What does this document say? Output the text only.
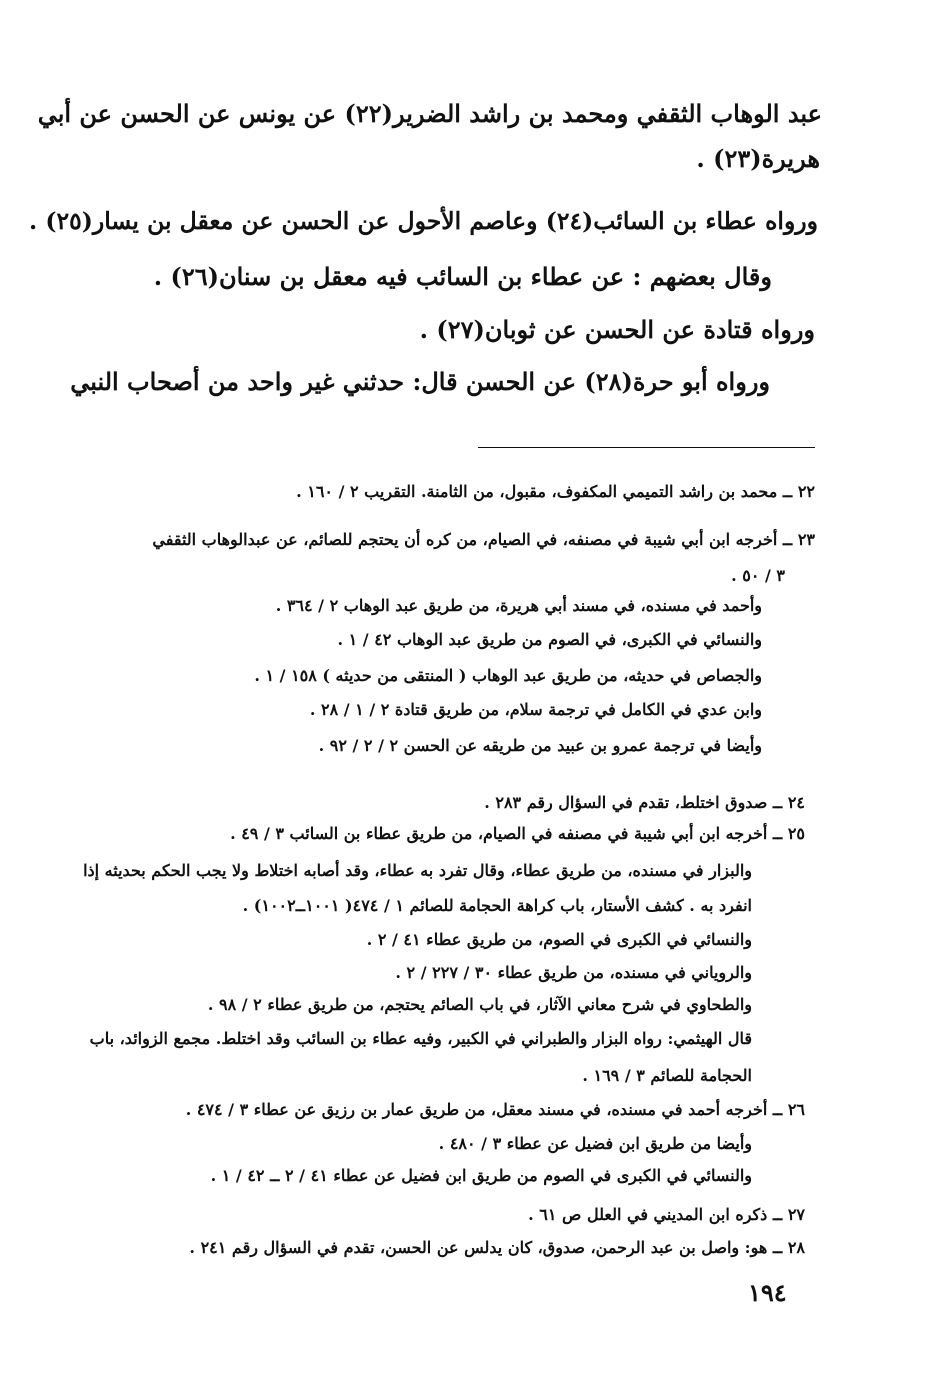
عبد الوهاب الثقفي ومحمد بن راشد الضرير(٢٢) عن يونس عن الحسن عن أبي
هريرة(٢٣) .
ورواه عطاء بن السائب(٢٤) وعاصم الأحول عن الحسن عن معقل بن يسار(٢٥) .
وقال بعضهم : عن عطاء بن السائب فيه معقل بن سنان(٢٦) .
ورواه قتادة عن الحسن عن ثوبان(٢٧) .
ورواه أبو حرة(٢٨) عن الحسن قال: حدثني غير واحد من أصحاب النبي
٢٢ ــ محمد بن راشد التميمي المكفوف، مقبول، من الثامنة. التقريب ٢ / ١٦٠ .
٢٣ ــ أخرجه ابن أبي شيبة في مصنفه، في الصيام، من كره أن يحتجم للصائم، عن عبدالوهاب الثقفي
٣ / ٥٠ .
وأحمد في مسنده، في مسند أبي هريرة، من طريق عبد الوهاب ٢ / ٣٦٤ .
والنسائي في الكبرى، في الصوم من طريق عبد الوهاب ٤٢ / ١ .
والجصاص في حديثه، من طريق عبد الوهاب ( المنتقى من حديثه ) ١٥٨ / ١ .
وابن عدي في الكامل في ترجمة سلام، من طريق قتادة ٢ / ١ / ٢٨ .
وأيضا في ترجمة عمرو بن عبيد من طريقه عن الحسن ٢ / ٢ / ٩٢ .
٢٤ ــ صدوق اختلط، تقدم في السؤال رقم ٢٨٣ .
٢٥ ــ أخرجه ابن أبي شيبة في مصنفه في الصيام، من طريق عطاء بن السائب ٣ / ٤٩ .
والبزار في مسنده، من طريق عطاء، وقال تفرد به عطاء، وقد أصابه اختلاط ولا يجب الحكم بحديثه إذا
انفرد به . كشف الأستار، باب كراهة الحجامة للصائم ١ / ٤٧٤( ١٠٠١ــ١٠٠٢) .
والنسائي في الكبرى في الصوم، من طريق عطاء ٤١ / ٢ .
والروياني في مسنده، من طريق عطاء ٣٠ / ٢٢٧ / ٢ .
والطحاوي في شرح معاني الآثار، في باب الصائم يحتجم، من طريق عطاء ٢ / ٩٨ .
قال الهيثمي: رواه البزار والطبراني في الكبير، وفيه عطاء بن السائب وقد اختلط. مجمع الزوائد، باب
الحجامة للصائم ٣ / ١٦٩ .
٢٦ ــ أخرجه أحمد في مسنده، في مسند معقل، من طريق عمار بن رزيق عن عطاء ٣ / ٤٧٤ .
وأيضا من طريق ابن فضيل عن عطاء ٣ / ٤٨٠ .
والنسائي في الكبرى في الصوم من طريق ابن فضيل عن عطاء ٤١ / ٢ ــ ٤٢ / ١ .
٢٧ ــ ذكره ابن المديني في العلل ص ٦١ .
٢٨ ــ هو: واصل بن عبد الرحمن، صدوق، كان يدلس عن الحسن، تقدم في السؤال رقم ٢٤١ .
١٩٤
